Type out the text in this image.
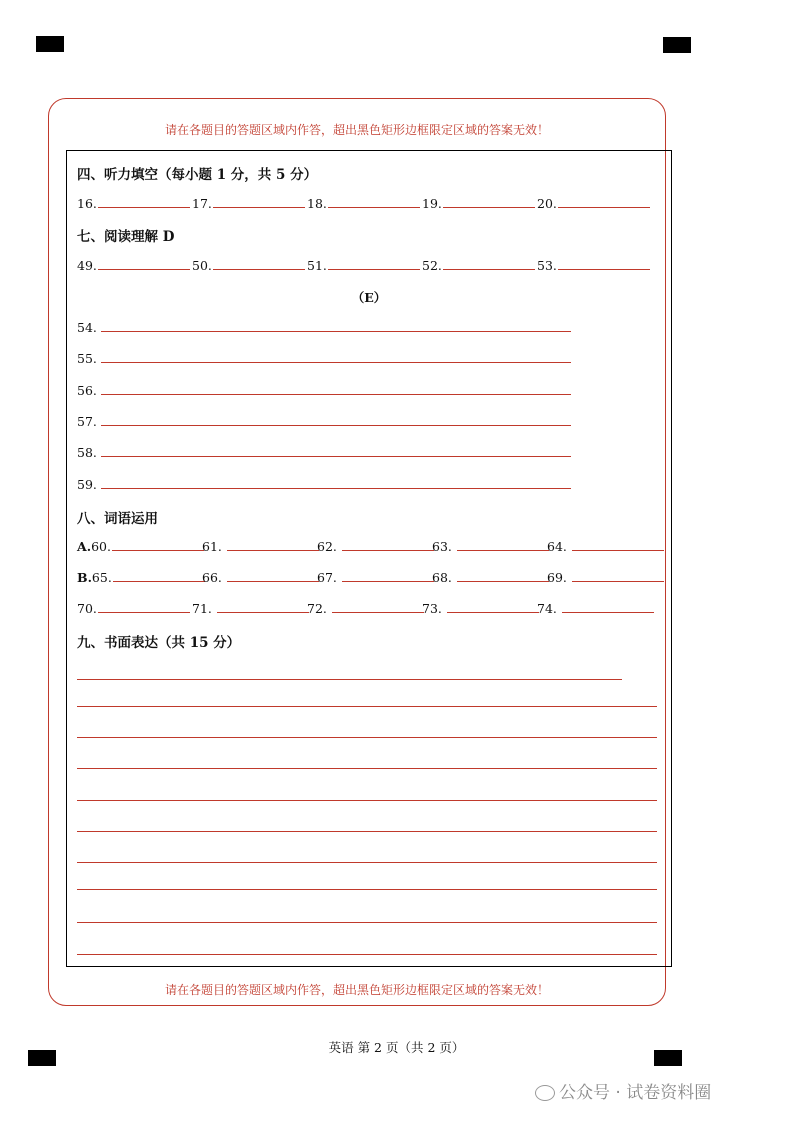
请在各题目的答题区域内作答，超出黑色矩形边框限定区域的答案无效！
请在各题目的答题区域内作答，超出黑色矩形边框限定区域的答案无效！
四、听力填空（每小题 1 分，共 5 分）
16.	17.	18.	19.	20.
七、阅读理解 D
49.	50.	51.	52.	53.
（E）
54.
55.
56.
57.
58.
59.
八、词语运用
A.60.	61.	62.	63.	64.
B.65.	66.	67.	68.	69.
70.	71.	72.	73.	74.
九、书面表达（共 15 分）
英语 第 2 页（共 2 页）
公众号 · 试卷资料圈
